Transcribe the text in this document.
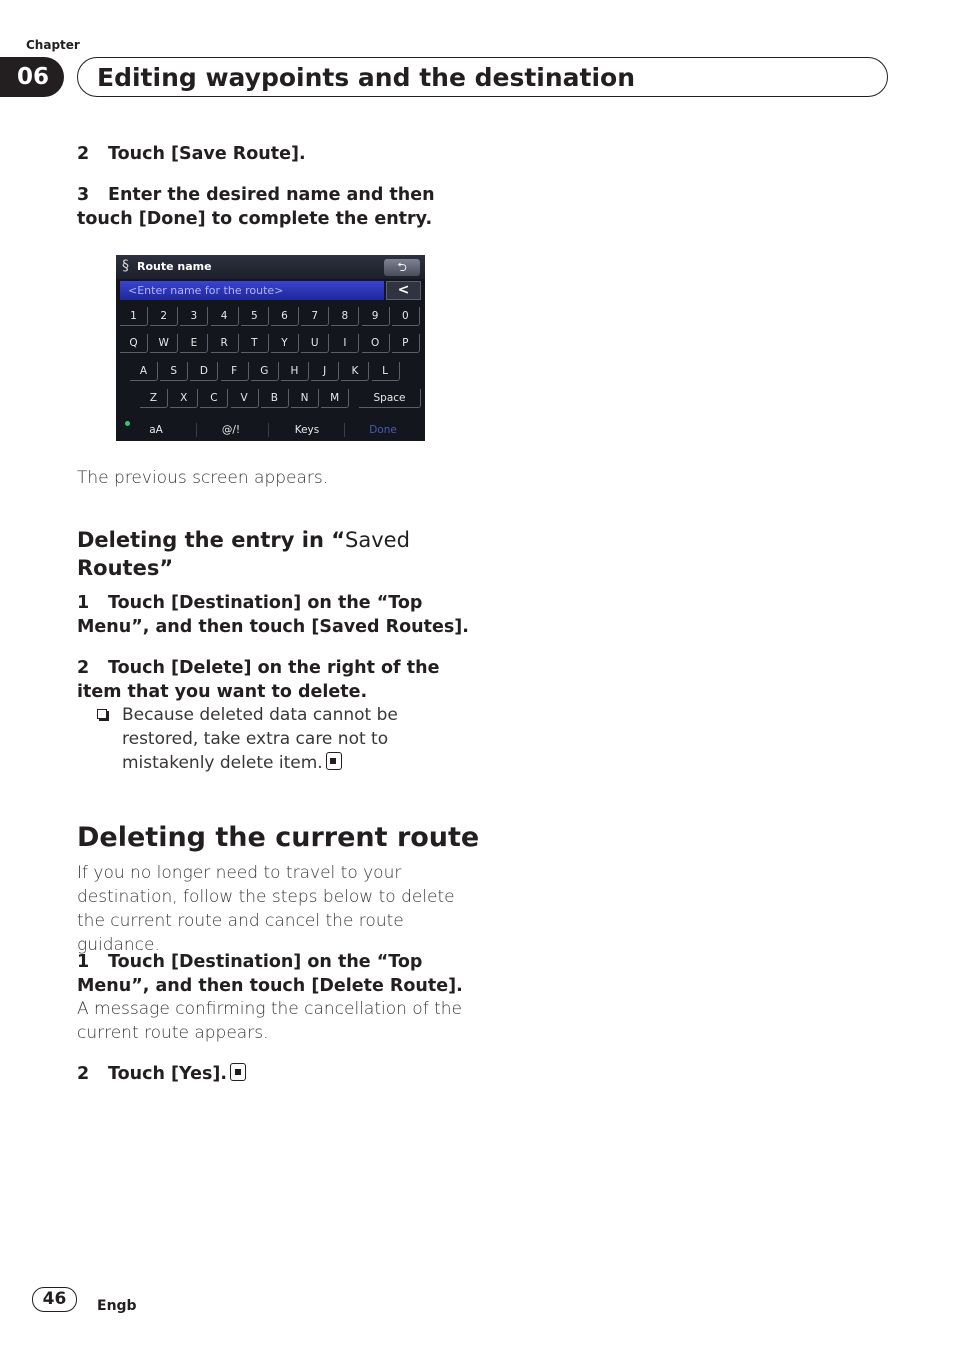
Chapter
06	Editing waypoints and the destination
2 Touch [Save Route].
3 Enter the desired name and then touch [Done] to complete the entry.
§ Route name	⮌
<Enter name for the route>	<
1	2	3	4	5	6	7	8	9	0
Q	W	E	R	T	Y	U	I	O	P
A	S	D	F	G	H	J	K	L
Z	X	C	V	B	N	M	Space
aA	@/!	Keys	Done
The previous screen appears.
Deleting the entry in “Saved
Routes”
1 Touch [Destination] on the “Top Menu”, and then touch [Saved Routes].
2 Touch [Delete] on the right of the item that you want to delete.
Because deleted data cannot be restored, take extra care not to mistakenly delete item.
Deleting the current route
If you no longer need to travel to your destination, follow the steps below to delete the current route and cancel the route guidance.
1 Touch [Destination] on the “Top Menu”, and then touch [Delete Route].
A message confirming the cancellation of the current route appears.
2 Touch [Yes].
46	Engb
